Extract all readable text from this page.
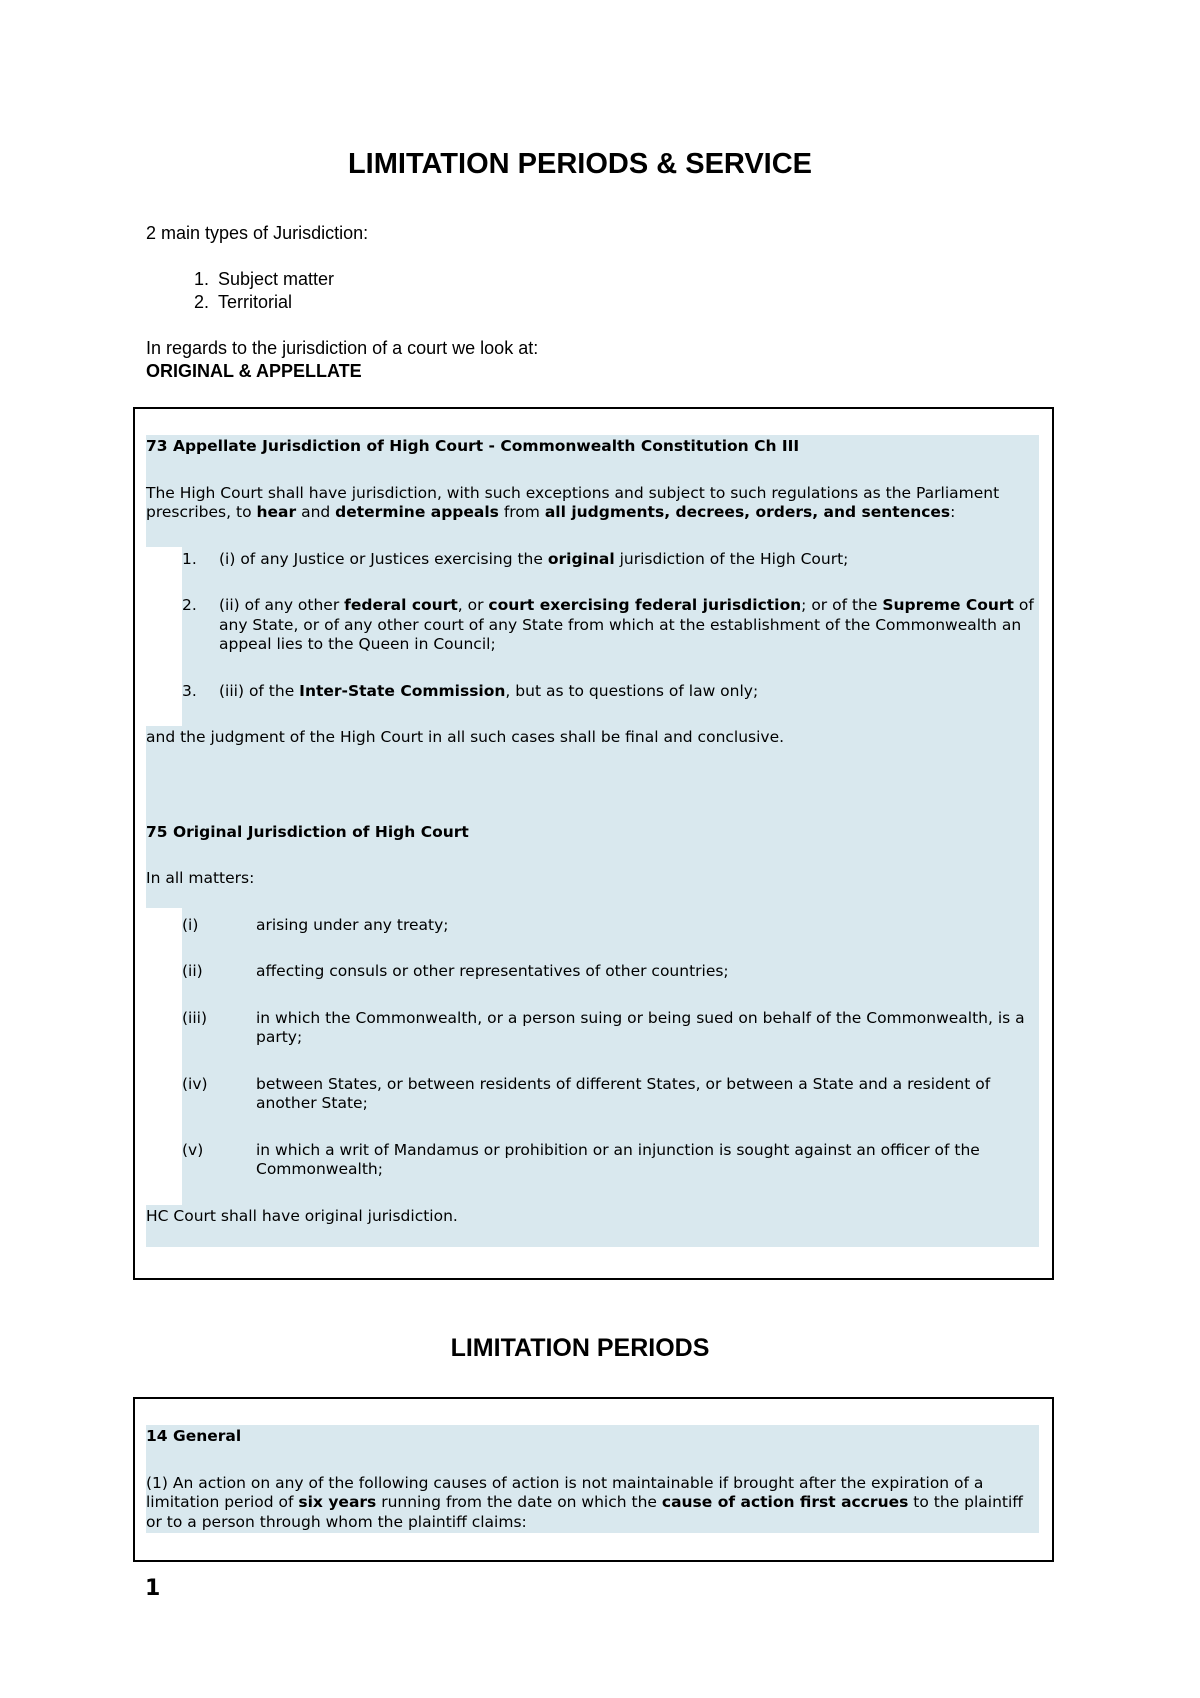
LIMITATION PERIODS & SERVICE
2 main types of Jurisdiction:
1. Subject matter
2. Territorial
In regards to the jurisdiction of a court we look at:
ORIGINAL & APPELLATE

73 Appellate Jurisdiction of High Court - Commonwealth Constitution Ch III

The High Court shall have jurisdiction, with such exceptions and subject to such regulations as the Parliament prescribes, to hear and determine appeals from all judgments, decrees, orders, and sentences:

1. (i) of any Justice or Justices exercising the original jurisdiction of the High Court;

2. (ii) of any other federal court, or court exercising federal jurisdiction; or of the Supreme Court of any State, or of any other court of any State from which at the establishment of the Commonwealth an appeal lies to the Queen in Council;

3. (iii) of the Inter-State Commission, but as to questions of law only;

and the judgment of the High Court in all such cases shall be final and conclusive.

75 Original Jurisdiction of High Court

In all matters:

(i)	arising under any treaty;

(ii)	affecting consuls or other representatives of other countries;

(iii)	in which the Commonwealth, or a person suing or being sued on behalf of the Commonwealth, is a party;

(iv)	between States, or between residents of different States, or between a State and a resident of another State;

(v)	in which a writ of Mandamus or prohibition or an injunction is sought against an officer of the Commonwealth;

HC Court shall have original jurisdiction.

LIMITATION PERIODS

14 General

(1) An action on any of the following causes of action is not maintainable if brought after the expiration of a limitation period of six years running from the date on which the cause of action first accrues to the plaintiff or to a person through whom the plaintiff claims:

1
